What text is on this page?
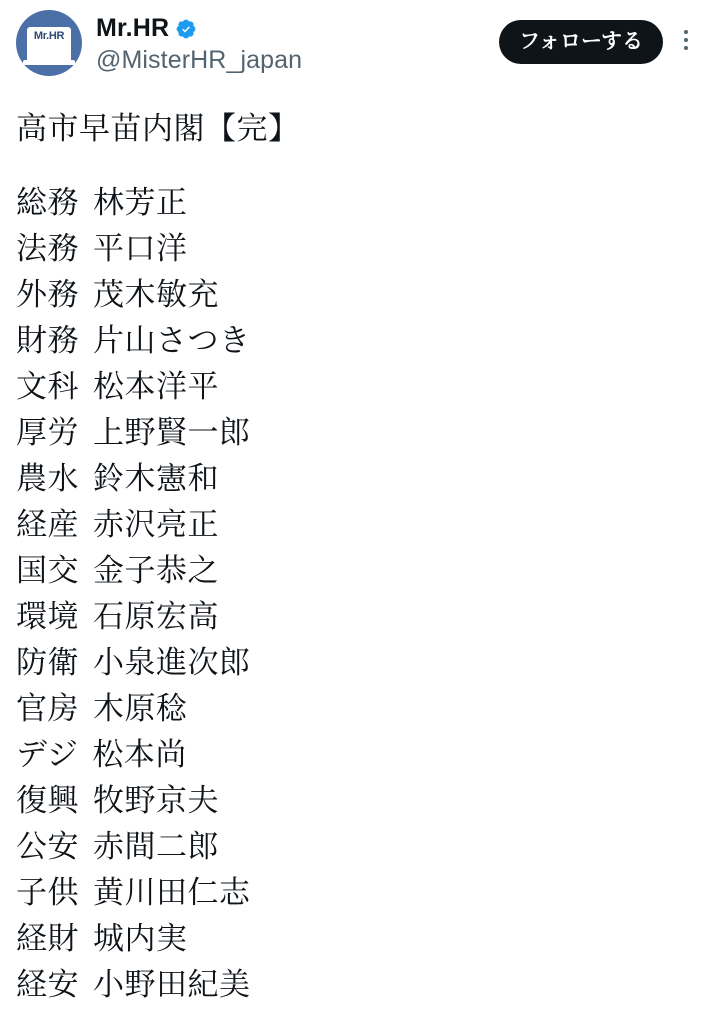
Mr.HR Mr.HR
@MisterHR_japan
フォローする
高市早苗内閣【完】
総務 林芳正
法務 平口洋
外務 茂木敏充
財務 片山さつき
文科 松本洋平
厚労 上野賢一郎
農水 鈴木憲和
経産 赤沢亮正
国交 金子恭之
環境 石原宏高
防衛 小泉進次郎
官房 木原稔
デジ 松本尚
復興 牧野京夫
公安 赤間二郎
子供 黄川田仁志
経財 城内実
経安 小野田紀美
